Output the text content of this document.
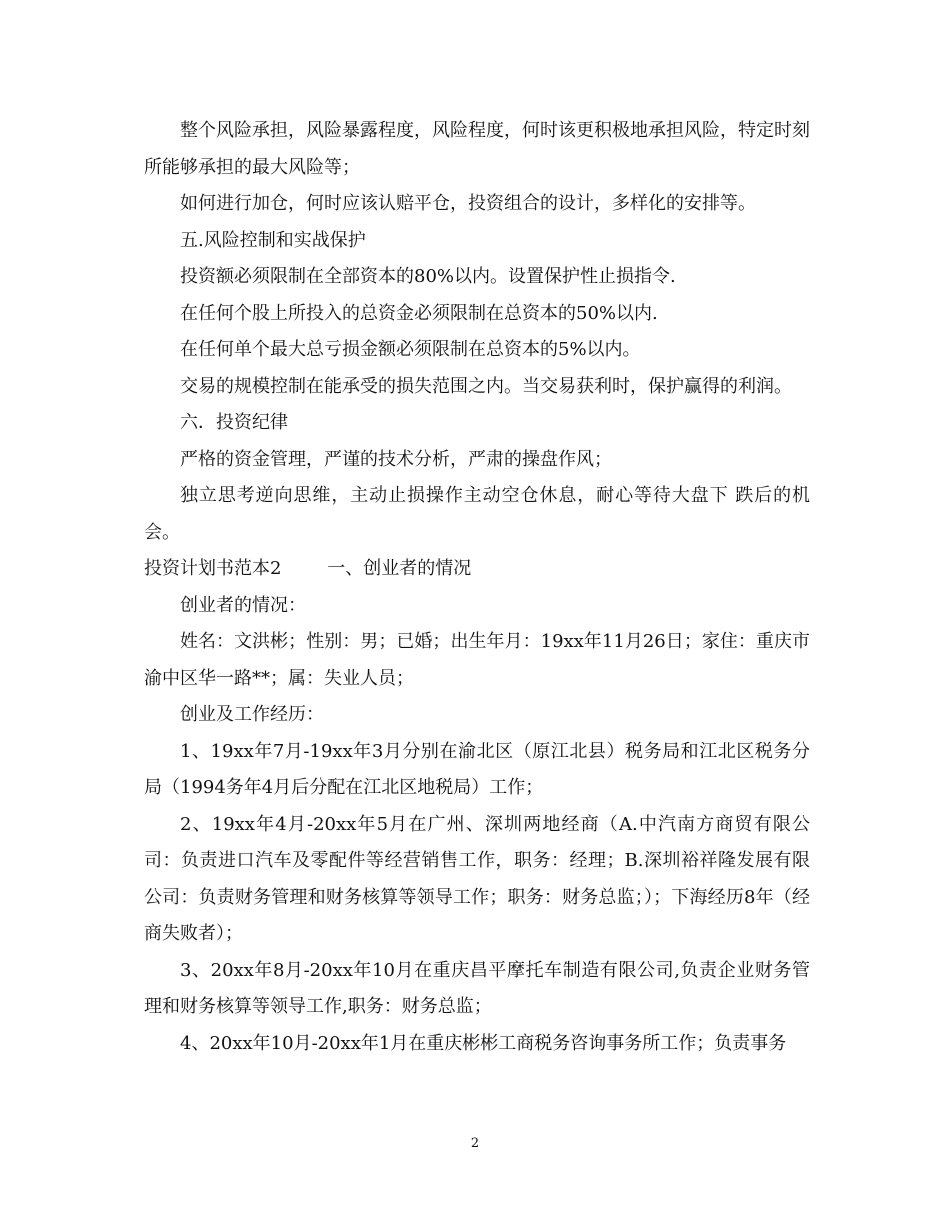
整个风险承担，风险暴露程度，风险程度，何时该更积极地承担风险，特定时刻所能够承担的最大风险等；

如何进行加仓，何时应该认赔平仓，投资组合的设计，多样化的安排等。

五.风险控制和实战保护

投资额必须限制在全部资本的80%以内。设置保护性止损指令.

在任何个股上所投入的总资金必须限制在总资本的50%以内.

在任何单个最大总亏损金额必须限制在总资本的5%以内。

交易的规模控制在能承受的损失范围之内。当交易获利时，保护赢得的利润。

六．投资纪律

严格的资金管理，严谨的技术分析，严肃的操盘作风；

独立思考逆向思维，主动止损操作主动空仓休息，耐心等待大盘下 跌后的机会。

投资计划书范本2	一、创业者的情况

创业者的情况：

姓名：文洪彬；性别：男；已婚；出生年月：19xx年11月26日；家住：重庆市渝中区华一路**；属：失业人员；

创业及工作经历：

1、19xx年7月-19xx年3月分别在渝北区（原江北县）税务局和江北区税务分局（1994务年4月后分配在江北区地税局）工作；

2、19xx年4月-20xx年5月在广州、深圳两地经商（A.中汽南方商贸有限公司：负责进口汽车及零配件等经营销售工作，职务：经理；B.深圳裕祥隆发展有限公司：负责财务管理和财务核算等领导工作；职务：财务总监；）；下海经历8年（经商失败者）；

3、20xx年8月-20xx年10月在重庆昌平摩托车制造有限公司,负责企业财务管理和财务核算等领导工作,职务：财务总监；

4、20xx年10月-20xx年1月在重庆彬彬工商税务咨询事务所工作；负责事务

2
